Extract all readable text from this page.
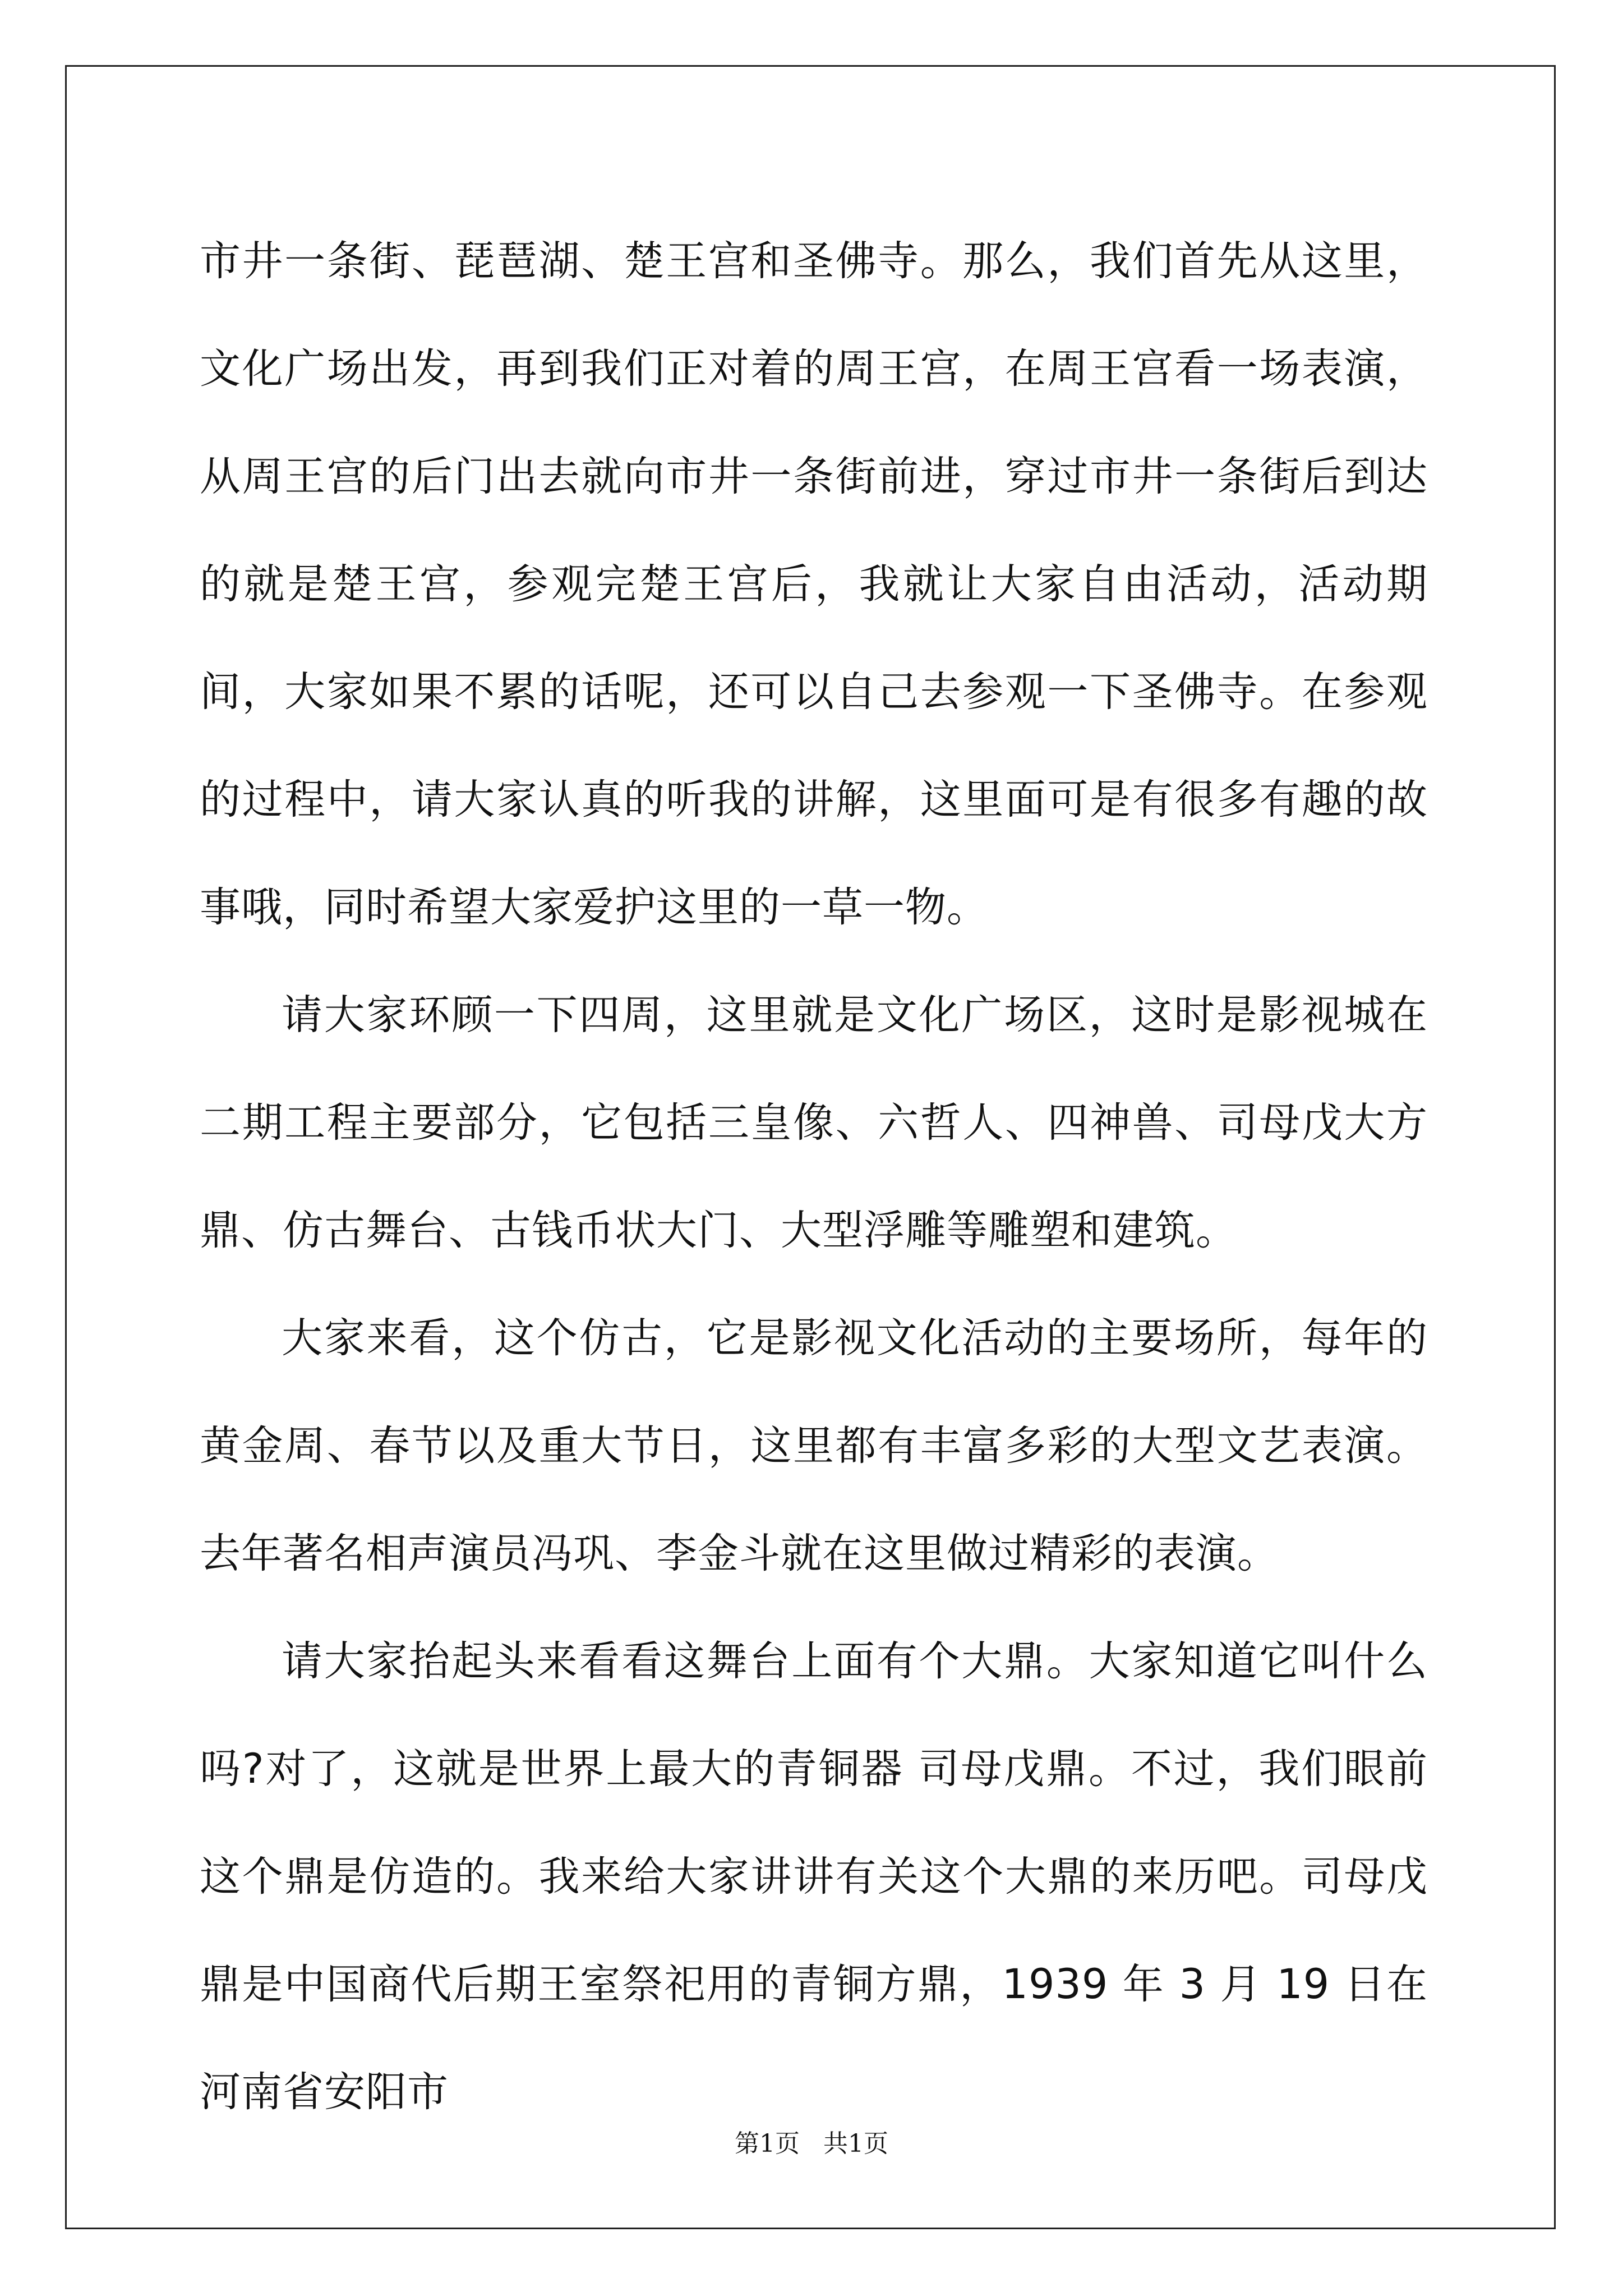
市井一条街、琵琶湖、楚王宫和圣佛寺。那么，我们首先从这里，文化广场出发，再到我们正对着的周王宫，在周王宫看一场表演，从周王宫的后门出去就向市井一条街前进，穿过市井一条街后到达的就是楚王宫，参观完楚王宫后，我就让大家自由活动，活动期间，大家如果不累的话呢，还可以自己去参观一下圣佛寺。在参观的过程中，请大家认真的听我的讲解，这里面可是有很多有趣的故事哦，同时希望大家爱护这里的一草一物。

请大家环顾一下四周，这里就是文化广场区，这时是影视城在二期工程主要部分，它包括三皇像、六哲人、四神兽、司母戊大方鼎、仿古舞台、古钱币状大门、大型浮雕等雕塑和建筑。

大家来看，这个仿古，它是影视文化活动的主要场所，每年的黄金周、春节以及重大节日，这里都有丰富多彩的大型文艺表演。去年著名相声演员冯巩、李金斗就在这里做过精彩的表演。

请大家抬起头来看看这舞台上面有个大鼎。大家知道它叫什么吗?对了，这就是世界上最大的青铜器 司母戊鼎。不过，我们眼前这个鼎是仿造的。我来给大家讲讲有关这个大鼎的来历吧。司母戊鼎是中国商代后期王室祭祀用的青铜方鼎，1939 年 3 月 19 日在河南省安阳市

第1页   共1页
